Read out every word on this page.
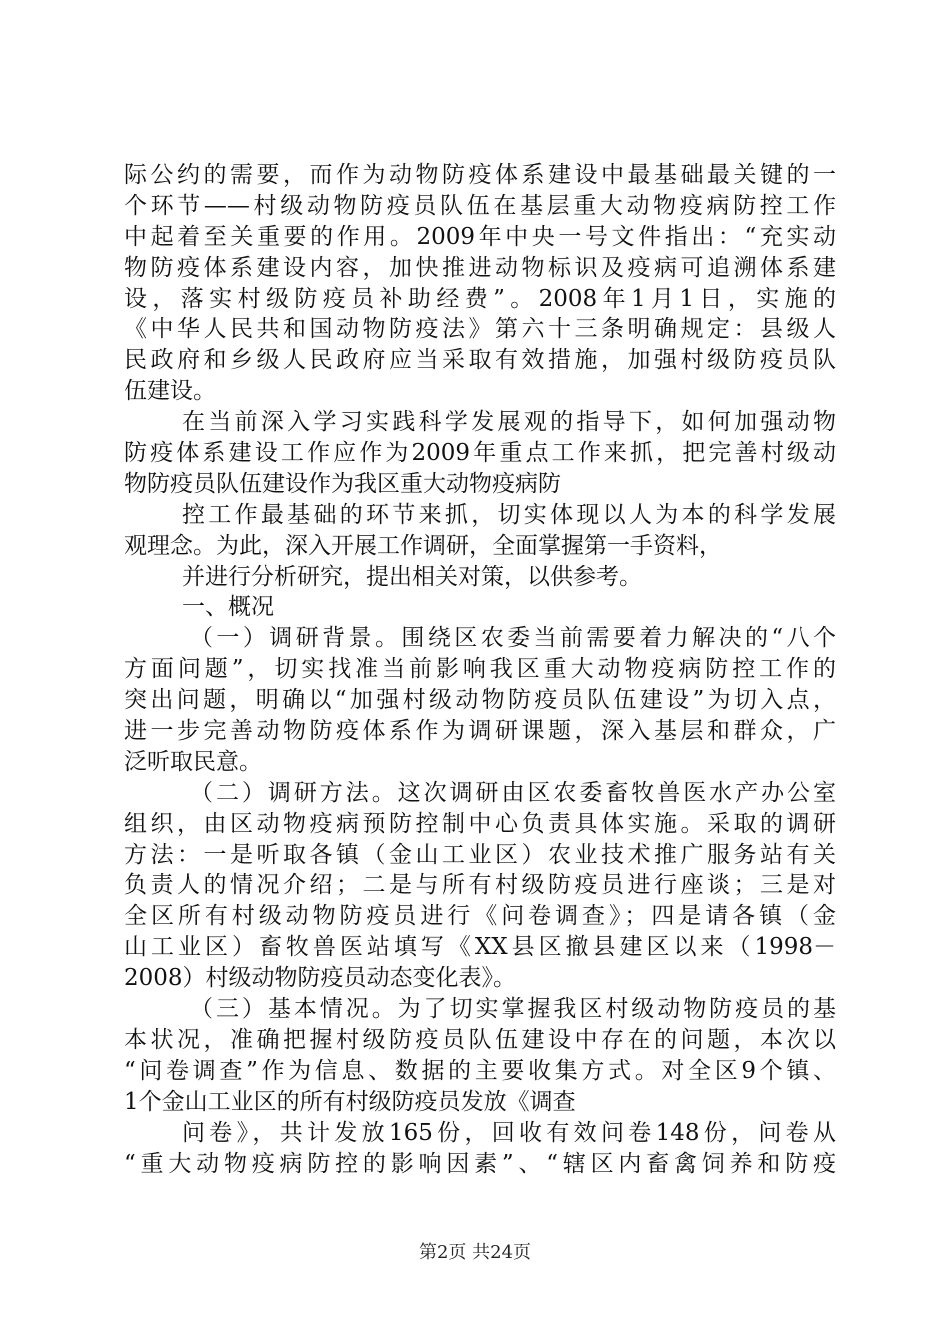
际公约的需要，而作为动物防疫体系建设中最基础最关键的一
个环节——村级动物防疫员队伍在基层重大动物疫病防控工作
中起着至关重要的作用。2009年中央一号文件指出：“充实动
物防疫体系建设内容，加快推进动物标识及疫病可追溯体系建
设，落实村级防疫员补助经费”。2008年1月1日，实施的
《中华人民共和国动物防疫法》第六十三条明确规定：县级人
民政府和乡级人民政府应当采取有效措施，加强村级防疫员队
伍建设。
在当前深入学习实践科学发展观的指导下，如何加强动物
防疫体系建设工作应作为2009年重点工作来抓，把完善村级动
物防疫员队伍建设作为我区重大动物疫病防
控工作最基础的环节来抓，切实体现以人为本的科学发展
观理念。为此，深入开展工作调研，全面掌握第一手资料，
并进行分析研究，提出相关对策，以供参考。
一、概况
（一）调研背景。围绕区农委当前需要着力解决的“八个
方面问题”，切实找准当前影响我区重大动物疫病防控工作的
突出问题，明确以“加强村级动物防疫员队伍建设”为切入点，
进一步完善动物防疫体系作为调研课题，深入基层和群众，广
泛听取民意。
（二）调研方法。这次调研由区农委畜牧兽医水产办公室
组织，由区动物疫病预防控制中心负责具体实施。采取的调研
方法：一是听取各镇（金山工业区）农业技术推广服务站有关
负责人的情况介绍；二是与所有村级防疫员进行座谈；三是对
全区所有村级动物防疫员进行《问卷调查》；四是请各镇（金
山工业区）畜牧兽医站填写《XX县区撤县建区以来（1998－
2008）村级动物防疫员动态变化表》。
（三）基本情况。为了切实掌握我区村级动物防疫员的基
本状况，准确把握村级防疫员队伍建设中存在的问题，本次以
“问卷调查”作为信息、数据的主要收集方式。对全区9个镇、
1个金山工业区的所有村级防疫员发放《调查
问卷》，共计发放165份，回收有效问卷148份，问卷从
“重大动物疫病防控的影响因素”、“辖区内畜禽饲养和防疫
第2页 共24页
